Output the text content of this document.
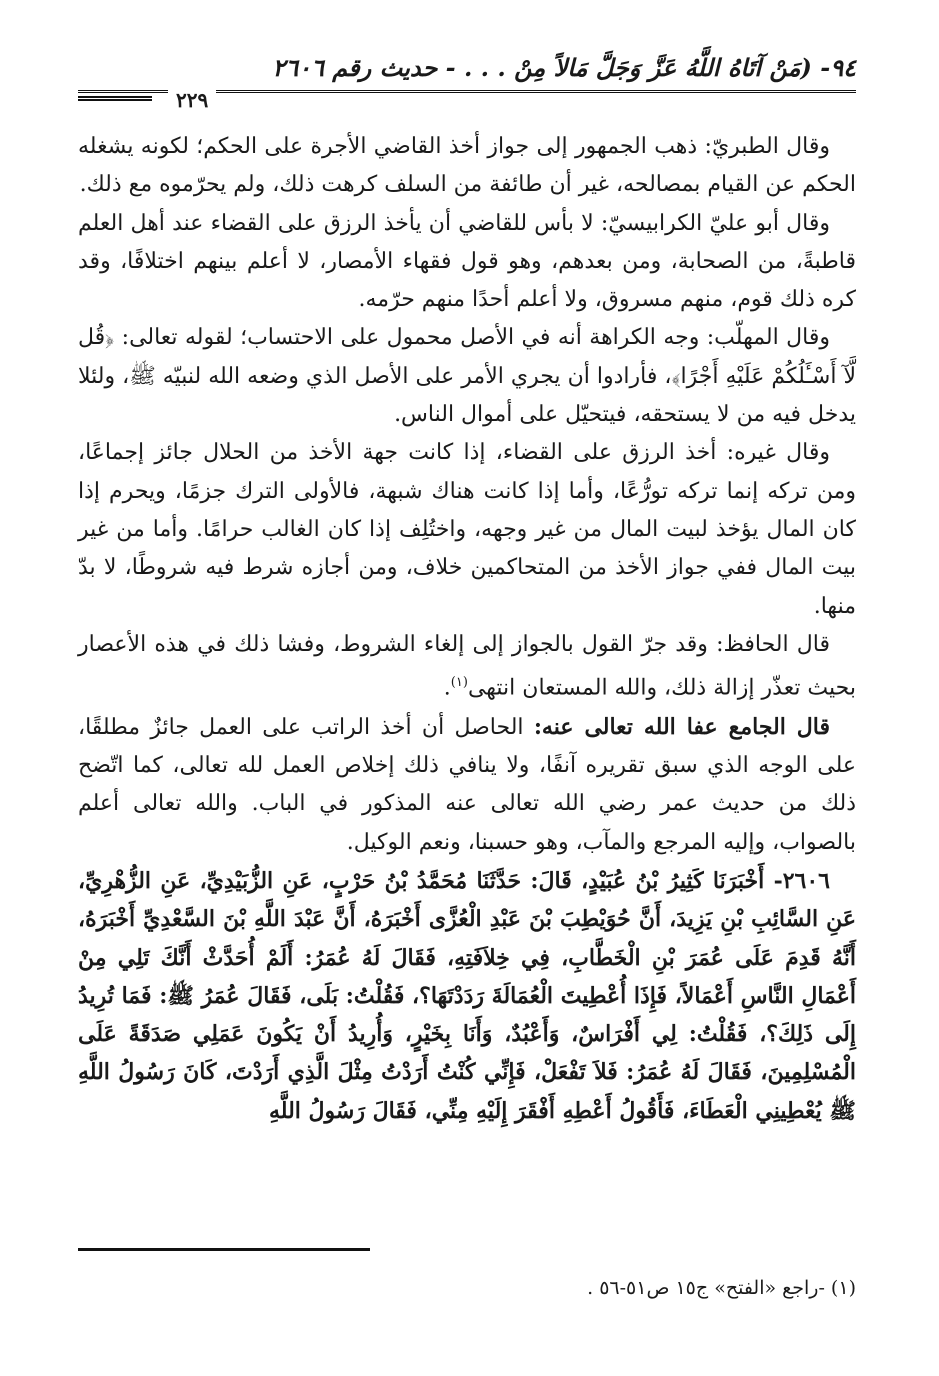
٩٤- (مَنْ آتَاهُ اللَّهُ عَزَّ وَجَلَّ مَالاً مِنْ . . . - حديث رقم ٢٦٠٦
٢٢٩

وقال الطبريّ: ذهب الجمهور إلى جواز أخذ القاضي الأجرة على الحكم؛ لكونه يشغله الحكم عن القيام بمصالحه، غير أن طائفة من السلف كرهت ذلك، ولم يحرّموه مع ذلك.

وقال أبو عليّ الكرابيسيّ: لا بأس للقاضي أن يأخذ الرزق على القضاء عند أهل العلم قاطبةً، من الصحابة، ومن بعدهم، وهو قول فقهاء الأمصار، لا أعلم بينهم اختلافًا، وقد كره ذلك قوم، منهم مسروق، ولا أعلم أحدًا منهم حرّمه.

وقال المهلّب: وجه الكراهة أنه في الأصل محمول على الاحتساب؛ لقوله تعالى: ﴿قُل لَّآ أَسْـَٔلُكُمْ عَلَيْهِ أَجْرًا﴾، فأرادوا أن يجري الأمر على الأصل الذي وضعه الله لنبيّه ﷺ، ولئلا يدخل فيه من لا يستحقه، فيتحيّل على أموال الناس.

وقال غيره: أخذ الرزق على القضاء، إذا كانت جهة الأخذ من الحلال جائز إجماعًا، ومن تركه إنما تركه تورُّعًا، وأما إذا كانت هناك شبهة، فالأولى الترك جزمًا، ويحرم إذا كان المال يؤخذ لبيت المال من غير وجهه، واختُلِف إذا كان الغالب حرامًا. وأما من غير بيت المال ففي جواز الأخذ من المتحاكمين خلاف، ومن أجازه شرط فيه شروطًا، لا بدّ منها.

قال الحافظ: وقد جرّ القول بالجواز إلى إلغاء الشروط، وفشا ذلك في هذه الأعصار بحيث تعذّر إزالة ذلك، والله المستعان انتهى$^{(١)}$.

قال الجامع عفا الله تعالى عنه: الحاصل أن أخذ الراتب على العمل جائزٌ مطلقًا، على الوجه الذي سبق تقريره آنفًا، ولا ينافي ذلك إخلاص العمل لله تعالى، كما اتّضح ذلك من حديث عمر رضي الله تعالى عنه المذكور في الباب. والله تعالى أعلم بالصواب، وإليه المرجع والمآب، وهو حسبنا، ونعم الوكيل.

٢٦٠٦- أَخْبَرَنَا كَثِيرُ بْنُ عُبَيْدٍ، قَالَ: حَدَّثَنَا مُحَمَّدُ بْنُ حَرْبٍ، عَنِ الزُّبَيْدِيِّ، عَنِ الزُّهْرِيِّ، عَنِ السَّائِبِ بْنِ يَزِيدَ، أَنَّ حُوَيْطِبَ بْنَ عَبْدِ الْعُزَّى أَخْبَرَهُ، أَنَّ عَبْدَ اللَّهِ بْنَ السَّعْدِيِّ أَخْبَرَهُ، أَنَّهُ قَدِمَ عَلَى عُمَرَ بْنِ الْخَطَّابِ، فِي خِلاَفَتِهِ، فَقَالَ لَهُ عُمَرُ: أَلَمْ أُحَدَّثْ أَنَّكَ تَلِي مِنْ أَعْمَالِ النَّاسِ أَعْمَالاً، فَإِذَا أُعْطِيتَ الْعُمَالَةَ رَدَدْتَهَا؟، فَقُلْتُ: بَلَى، فَقَالَ عُمَرُ ﷺ: فَمَا تُرِيدُ إِلَى ذَلِكَ؟، فَقُلْتُ: لِي أَفْرَاسٌ، وَأَعْبُدٌ، وَأَنَا بِخَيْرٍ، وَأُرِيدُ أَنْ يَكُونَ عَمَلِي صَدَقَةً عَلَى الْمُسْلِمِينَ، فَقَالَ لَهُ عُمَرُ: فَلاَ تَفْعَلْ، فَإِنِّي كُنْتُ أَرَدْتُ مِثْلَ الَّذِي أَرَدْتَ، كَانَ رَسُولُ اللَّهِ ﷺ يُعْطِينِي الْعَطَاءَ، فَأَقُولُ أَعْطِهِ أَفْقَرَ إِلَيْهِ مِنِّي، فَقَالَ رَسُولُ اللَّهِ

(١) -راجع «الفتح» ج١٥ ص٥١-٥٦ .
